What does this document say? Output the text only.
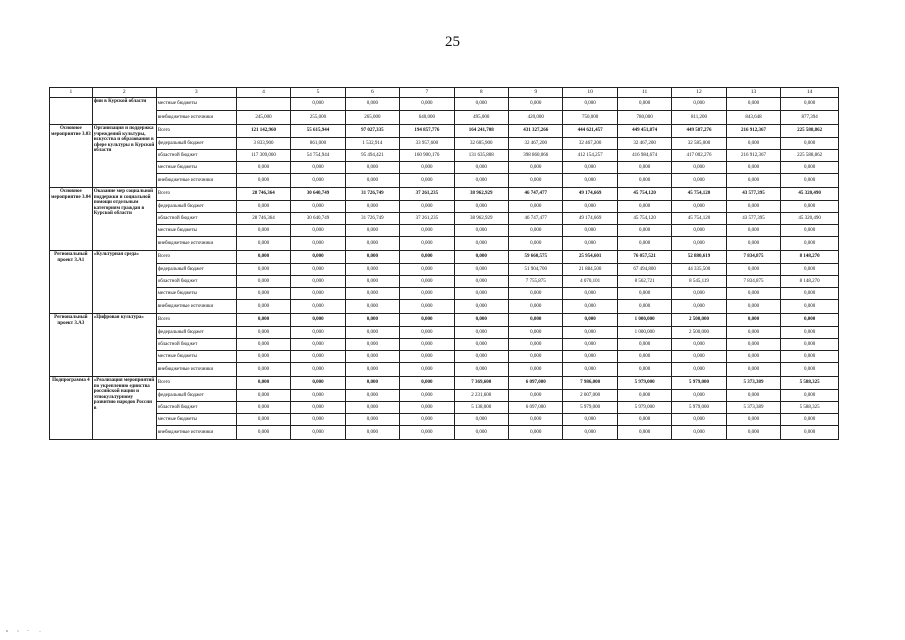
25
1	2	3	4	5	6	7	8	9	10	11	12	13	14
	фии в Курской области	местные бюджеты		0,000	0,000	0,000	0,000	0,000	0,000	0,000	0,000	0,000	0,000
		внебюджетные источники	245,000	255,000	265,000	640,000	495,000	420,000	750,000	780,000	811,200	843,648	877,394
Основное мероприятие 3.03	Организация и поддержка учреждений культуры, искусства и образования в сфере культуры в Курской области	Всего	121 142,960	55 615,944	97 027,335	194 857,776	164 241,708	431 327,266	444 621,457	449 451,874	449 587,276	216 912,367	225 588,862
		федеральный бюджет	3 833,900	861,000	1 532,914	33 957,600	32 605,900	32 467,200	32 467,200	32 467,200	32 585,000	0,000	0,000
		областной бюджет	117 309,060	54 754,944	95 494,421	160 900,176	131 635,808	398 860,066	412 154,257	416 984,674	417 002,276	216 912,367	225 588,862
		местные бюджеты	0,000	0,000	0,000	0,000	0,000	0,000	0,000	0,000	0,000	0,000	0,000
		внебюджетные источники	0,000	0,000	0,000	0,000	0,000	0,000	0,000	0,000	0,000	0,000	0,000
Основное мероприятие 3.04	Оказание мер социальной поддержки и социальной помощи отдельным категориям граждан в Курской области	Всего	28 746,364	30 640,749	31 726,749	37 261,235	38 962,929	46 747,477	49 174,669	45 754,120	45 754,120	43 577,395	45 320,490
		федеральный бюджет	0,000	0,000	0,000	0,000	0,000	0,000	0,000	0,000	0,000	0,000	0,000
		областной бюджет	28 746,364	30 640,749	31 726,749	37 261,235	38 962,929	46 747,477	49 174,669	45 754,120	45 754,120	43 577,395	45 320,490
		местные бюджеты	0,000	0,000	0,000	0,000	0,000	0,000	0,000	0,000	0,000	0,000	0,000
		внебюджетные источники	0,000	0,000	0,000	0,000	0,000	0,000	0,000	0,000	0,000	0,000	0,000
Региональный проект 3.А1	«Культурная среда»	Всего	0,000	0,000	0,000	0,000	0,000	59 660,575	25 954,601	76 057,521	52 880,619	7 834,875	8 148,270
		федеральный бюджет	0,000	0,000	0,000	0,000	0,000	51 904,700	21 884,500	67 494,800	44 335,500	0,000	0,000
		областной бюджет	0,000	0,000	0,000	0,000	0,000	7 755,875	4 070,101	8 562,721	8 545,119	7 834,875	8 148,270
		местные бюджеты	0,000	0,000	0,000	0,000	0,000	0,000	0,000	0,000	0,000	0,000	0,000
		внебюджетные источники	0,000	0,000	0,000	0,000	0,000	0,000	0,000	0,000	0,000	0,000	0,000
Региональный проект 3.А3	«Цифровая культура»	Всего	0,000	0,000	0,000	0,000	0,000	0,000	0,000	1 000,000	2 500,000	0,000	0,000
		федеральный бюджет	0,000	0,000	0,000	0,000	0,000	0,000	0,000	1 000,000	2 500,000	0,000	0,000
		областной бюджет	0,000	0,000	0,000	0,000	0,000	0,000	0,000	0,000	0,000	0,000	0,000
		местные бюджеты	0,000	0,000	0,000	0,000	0,000	0,000	0,000	0,000	0,000	0,000	0,000
		внебюджетные источники	0,000	0,000	0,000	0,000	0,000	0,000	0,000	0,000	0,000	0,000	0,000
Подпрограмма 4	«Реализация мероприятий по укреплению единства российской нации и этнокультурному развитию народов России в	Всего	0,000	0,000	0,000	0,000	7 369,600	6 097,000	7 986,000	5 979,000	5 979,000	5 373,389	5 588,325
		федеральный бюджет	0,000	0,000	0,000	0,000	2 231,600	0,000	2 007,000	0,000	0,000	0,000	0,000
		областной бюджет	0,000	0,000	0,000	0,000	5 138,000	6 097,000	5 979,000	5 979,000	5 979,000	5 373,389	5 588,325
		местные бюджеты	0,000	0,000	0,000	0,000	0,000	0,000	0,000	0,000	0,000	0,000	0,000
		внебюджетные источники	0,000	0,000	0,000	0,000	0,000	0,000	0,000	0,000	0,000	0,000	0,000
